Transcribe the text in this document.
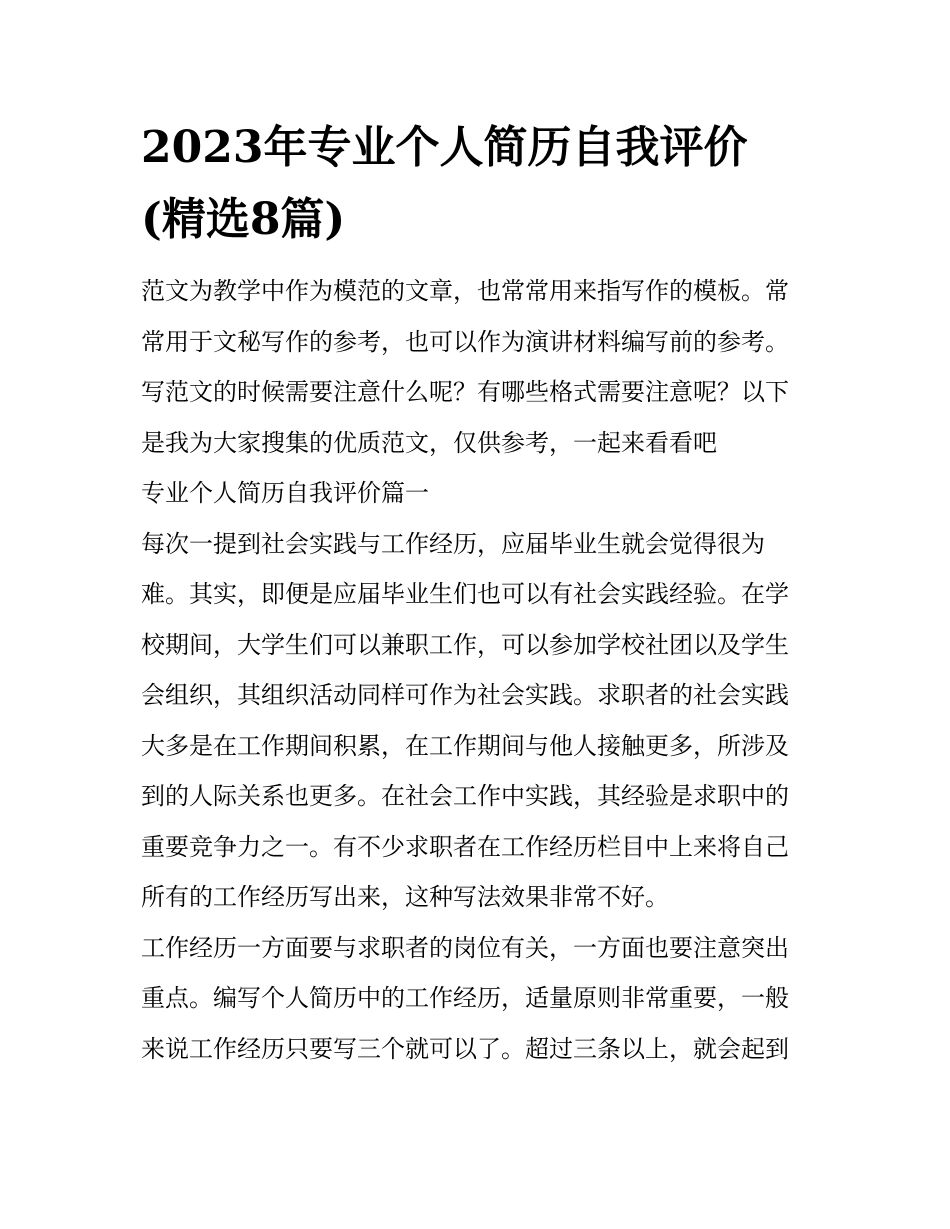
2023年专业个人简历自我评价
(精选8篇)

范文为教学中作为模范的文章，也常常用来指写作的模板。常
常用于文秘写作的参考，也可以作为演讲材料编写前的参考。
写范文的时候需要注意什么呢？有哪些格式需要注意呢？以下
是我为大家搜集的优质范文，仅供参考，一起来看看吧

专业个人简历自我评价篇一

每次一提到社会实践与工作经历，应届毕业生就会觉得很为
难。其实，即便是应届毕业生们也可以有社会实践经验。在学
校期间，大学生们可以兼职工作，可以参加学校社团以及学生
会组织，其组织活动同样可作为社会实践。求职者的社会实践
大多是在工作期间积累，在工作期间与他人接触更多，所涉及
到的人际关系也更多。在社会工作中实践，其经验是求职中的
重要竞争力之一。有不少求职者在工作经历栏目中上来将自己
所有的工作经历写出来，这种写法效果非常不好。

工作经历一方面要与求职者的岗位有关，一方面也要注意突出
重点。编写个人简历中的工作经历，适量原则非常重要，一般
来说工作经历只要写三个就可以了。超过三条以上，就会起到
